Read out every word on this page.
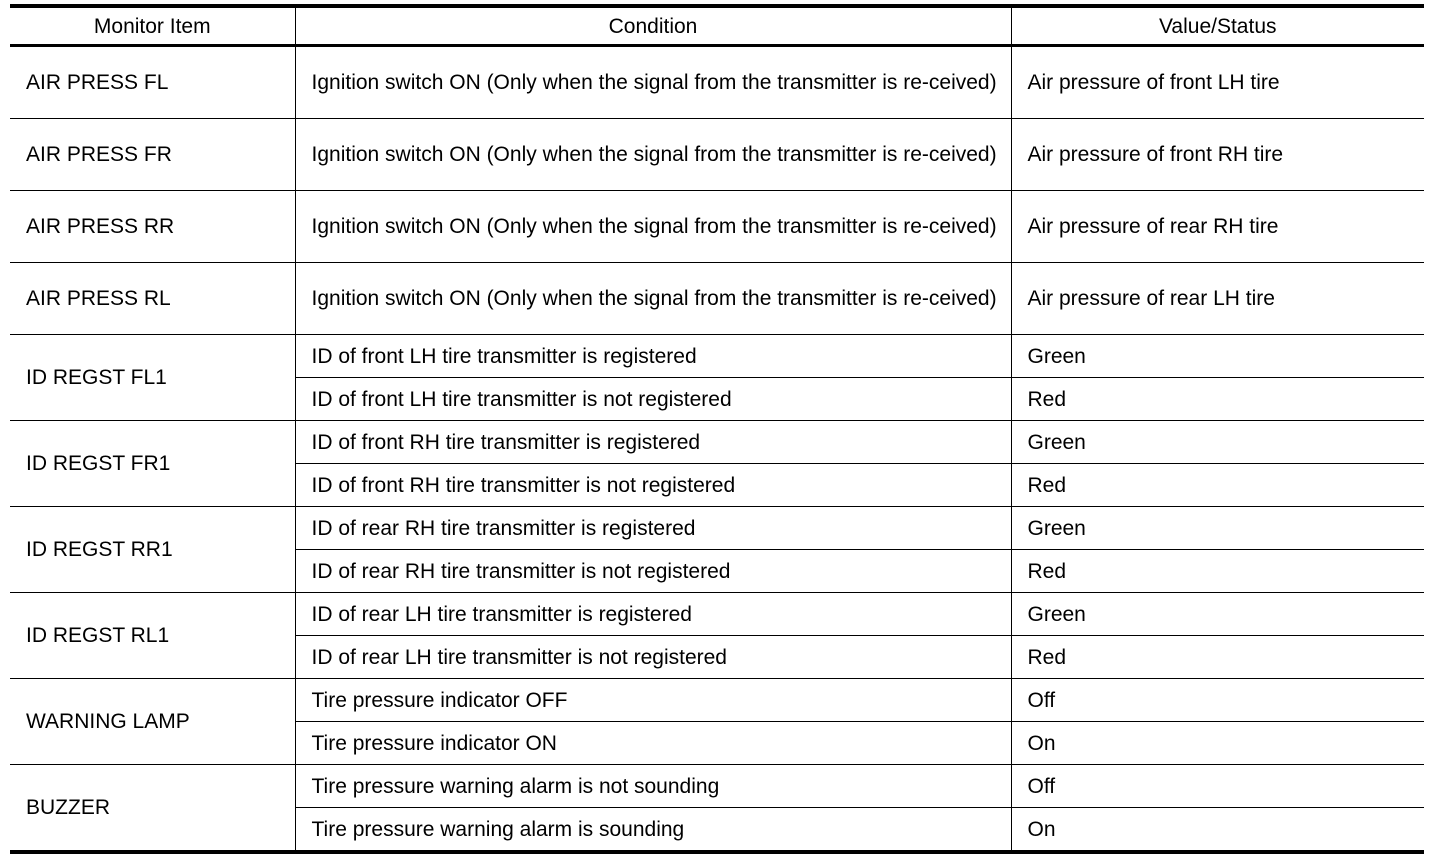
Monitor Item	Condition	Value/Status
AIR PRESS FL	Ignition switch ON (Only when the signal from the transmitter is re-ceived)	Air pressure of front LH tire
AIR PRESS FR	Ignition switch ON (Only when the signal from the transmitter is re-ceived)	Air pressure of front RH tire
AIR PRESS RR	Ignition switch ON (Only when the signal from the transmitter is re-ceived)	Air pressure of rear RH tire
AIR PRESS RL	Ignition switch ON (Only when the signal from the transmitter is re-ceived)	Air pressure of rear LH tire
ID REGST FL1	ID of front LH tire transmitter is registered	Green

	ID of front LH tire transmitter is not registered	Red
ID REGST FR1	ID of front RH tire transmitter is registered	Green

	ID of front RH tire transmitter is not registered	Red
ID REGST RR1	ID of rear RH tire transmitter is registered	Green

	ID of rear RH tire transmitter is not registered	Red
ID REGST RL1	ID of rear LH tire transmitter is registered	Green

	ID of rear LH tire transmitter is not registered	Red
WARNING LAMP	Tire pressure indicator OFF	Off

	Tire pressure indicator ON	On
BUZZER	Tire pressure warning alarm is not sounding	Off

	Tire pressure warning alarm is sounding	On
